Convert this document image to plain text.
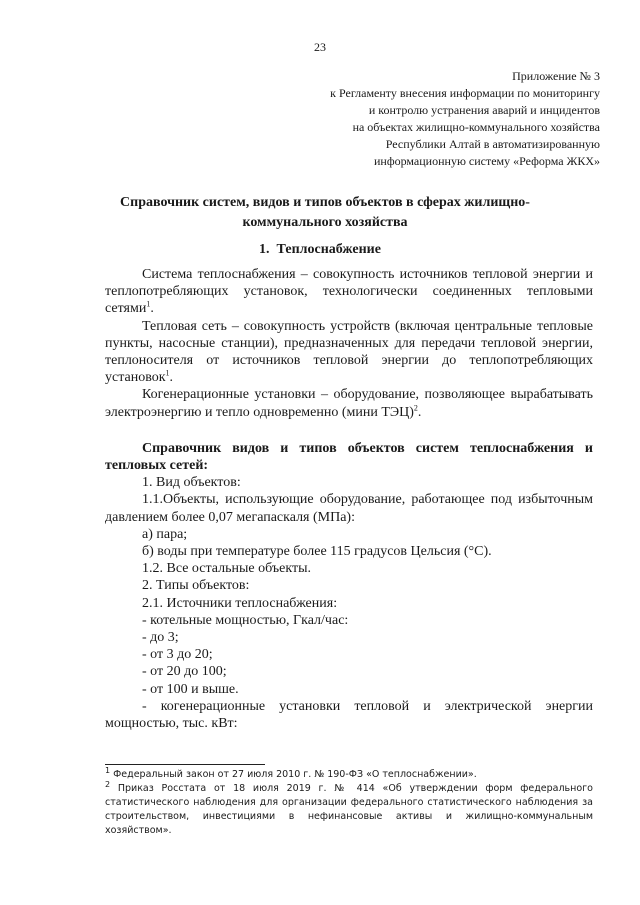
23
Приложение № 3
к Регламенту внесения информации по мониторингу
и контролю устранения аварий и инцидентов
на объектах жилищно-коммунального хозяйства
Республики Алтай в автоматизированную
информационную систему «Реформа ЖКХ»
Справочник систем, видов и типов объектов в сферах жилищно-коммунального хозяйства
1. Теплоснабжение

Система теплоснабжения – совокупность источников тепловой энергии и теплопотребляющих установок, технологически соединенных тепловыми сетями$^1$.

Тепловая сеть – совокупность устройств (включая центральные тепловые пункты, насосные станции), предназначенных для передачи тепловой энергии, теплоносителя от источников тепловой энергии до теплопотребляющих установок$^1$.

Когенерационные установки – оборудование, позволяющее вырабатывать электроэнергию и тепло одновременно (мини ТЭЦ)$^2$.

Справочник видов и типов объектов систем теплоснабжения и тепловых сетей:

1. Вид объектов:

1.1.Объекты, использующие оборудование, работающее под избыточным давлением более 0,07 мегапаскаля (МПа):

а) пара;

б) воды при температуре более 115 градусов Цельсия (°C).

1.2. Все остальные объекты.

2. Типы объектов:

2.1. Источники теплоснабжения:

- котельные мощностью, Гкал/час:

- до 3;

- от 3 до 20;

- от 20 до 100;

- от 100 и выше.

- когенерационные установки тепловой и электрической энергии мощностью, тыс. кВт:

$^1$ Федеральный закон от 27 июля 2010 г. № 190-ФЗ «О теплоснабжении».

$^2$ Приказ Росстата от 18 июля 2019 г. № 414 «Об утверждении форм федерального статистического наблюдения для организации федерального статистического наблюдения за строительством, инвестициями в нефинансовые активы и жилищно-коммунальным хозяйством».
